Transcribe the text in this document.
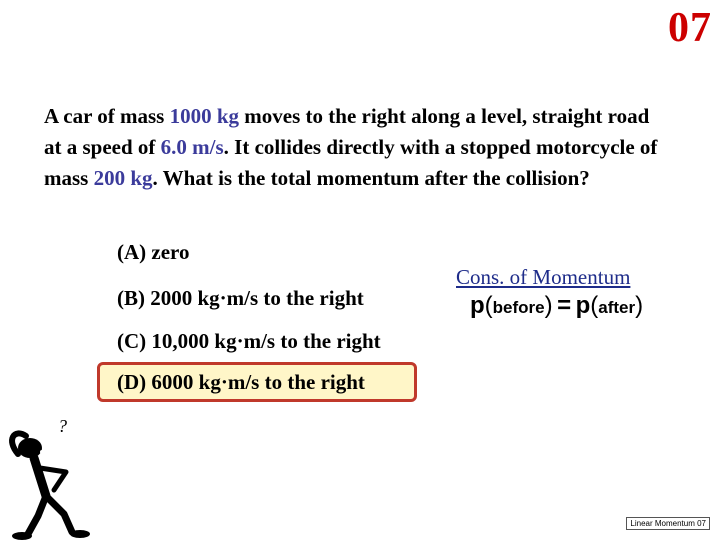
07
A car of mass 1000 kg moves to the right along a level, straight road at a speed of 6.0 m/s. It collides directly with a stopped motorcycle of mass 200 kg. What is the total momentum after the collision?
(A) zero
(B) 2000 kg·m/s to the right
(C) 10,000 kg·m/s to the right
(D) 6000 kg·m/s to the right
Cons. of Momentum
p(before) = p(after)
?
Linear Momentum 07
